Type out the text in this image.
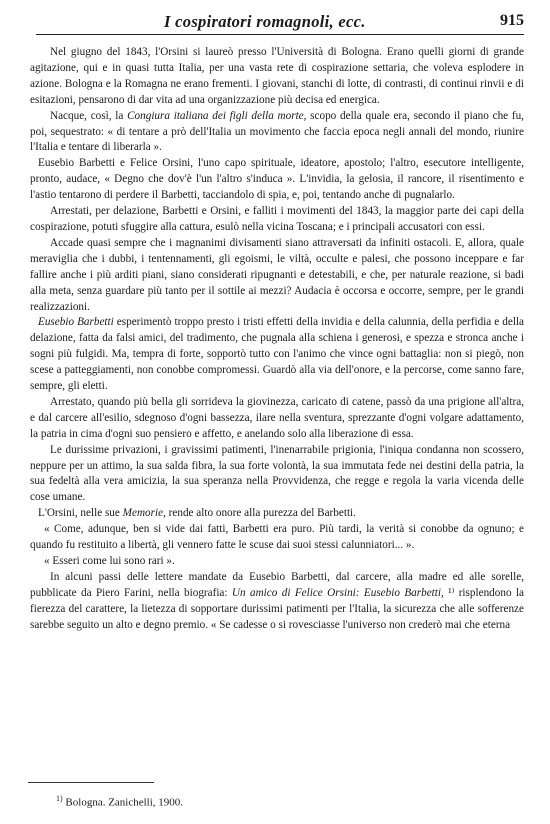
I cospiratori romagnoli, ecc.	915

Nel giugno del 1843, l'Orsini si laureò presso l'Università di Bologna. Erano quelli giorni di grande agitazione, qui e in quasi tutta Italia, per una vasta rete di cospirazione settaria, che voleva esplodere in azione. Bologna e la Romagna ne erano frementi. I giovani, stanchi di lotte, di contrasti, di continui rinvii e di esitazioni, pensarono di dar vita ad una organizzazione più decisa ed energica.

Nacque, così, la Congiura italiana dei figli della morte, scopo della quale era, secondo il piano che fu, poi, sequestrato: « di tentare a prò dell'Italia un movimento che faccia epoca negli annali del mondo, riunire l'Italia e tentare di liberarla ».

Eusebio Barbetti e Felice Orsini, l'uno capo spirituale, ideatore, apostolo; l'altro, esecutore intelligente, pronto, audace, « Degno che dov'è l'un l'altro s'induca ». L'invidia, la gelosia, il rancore, il risentimento e l'astio tentarono di perdere il Barbetti, tacciandolo di spia, e, poi, tentando anche di pugnalarlo.

Arrestati, per delazione, Barbetti e Orsini, e falliti i movimenti del 1843, la maggior parte dei capi della cospirazione, potuti sfuggire alla cattura, esulò nella vicina Toscana; e i principali accusatori con essi.

Accade quasi sempre che i magnanimi divisamenti siano attraversati da infiniti ostacoli. E, allora, quale meraviglia che i dubbi, i tentennamenti, gli egoismi, le viltà, occulte e palesi, che possono inceppare e far fallire anche i più arditi piani, siano considerati ripugnanti e detestabili, e che, per naturale reazione, si badi alla meta, senza guardare più tanto per il sottile ai mezzi? Audacia è occorsa e occorre, sempre, per le grandi realizzazioni.

Eusebio Barbetti esperimentò troppo presto i tristi effetti della invidia e della calunnia, della perfidia e della delazione, fatta da falsi amici, del tradimento, che pugnala alla schiena i generosi, e spezza e stronca anche i sogni più fulgidi. Ma, tempra di forte, sopportò tutto con l'animo che vince ogni battaglia: non si piegò, non scese a patteggiamenti, non conobbe compromessi. Guardò alla via dell'onore, e la percorse, come sanno fare, sempre, gli eletti.

Arrestato, quando più bella gli sorrideva la giovinezza, caricato di catene, passò da una prigione all'altra, e dal carcere all'esilio, sdegnoso d'ogni bassezza, ilare nella sventura, sprezzante d'ogni volgare adattamento, la patria in cima d'ogni suo pensiero e affetto, e anelando solo alla liberazione di essa.

Le durissime privazioni, i gravissimi patimenti, l'inenarrabile prigionia, l'iniqua condanna non scossero, neppure per un attimo, la sua salda fibra, la sua forte volontà, la sua immutata fede nei destini della patria, la sua fedeltà alla vera amicizia, la sua speranza nella Provvidenza, che regge e regola la varia vicenda delle cose umane.

L'Orsini, nelle sue Memorie, rende alto onore alla purezza del Barbetti.

« Come, adunque, ben si vide dai fatti, Barbetti era puro. Più tardi, la verità si conobbe da ognuno; e quando fu restituito a libertà, gli vennero fatte le scuse dai suoi stessi calunniatori... ».

« Esseri come lui sono rari ».

In alcuni passi delle lettere mandate da Eusebio Barbetti, dal carcere, alla madre ed alle sorelle, pubblicate da Piero Farini, nella biografia: Un amico di Felice Orsini: Eusebio Barbetti, ¹⁾ risplendono la fierezza del carattere, la lietezza di sopportare durissimi patimenti per l'Italia, la sicurezza che alle sofferenze sarebbe seguito un alto e degno premio. « Se cadesse o si rovesciasse l'universo non crederò mai che eterna

$^{1)}$ Bologna. Zanichelli, 1900.
